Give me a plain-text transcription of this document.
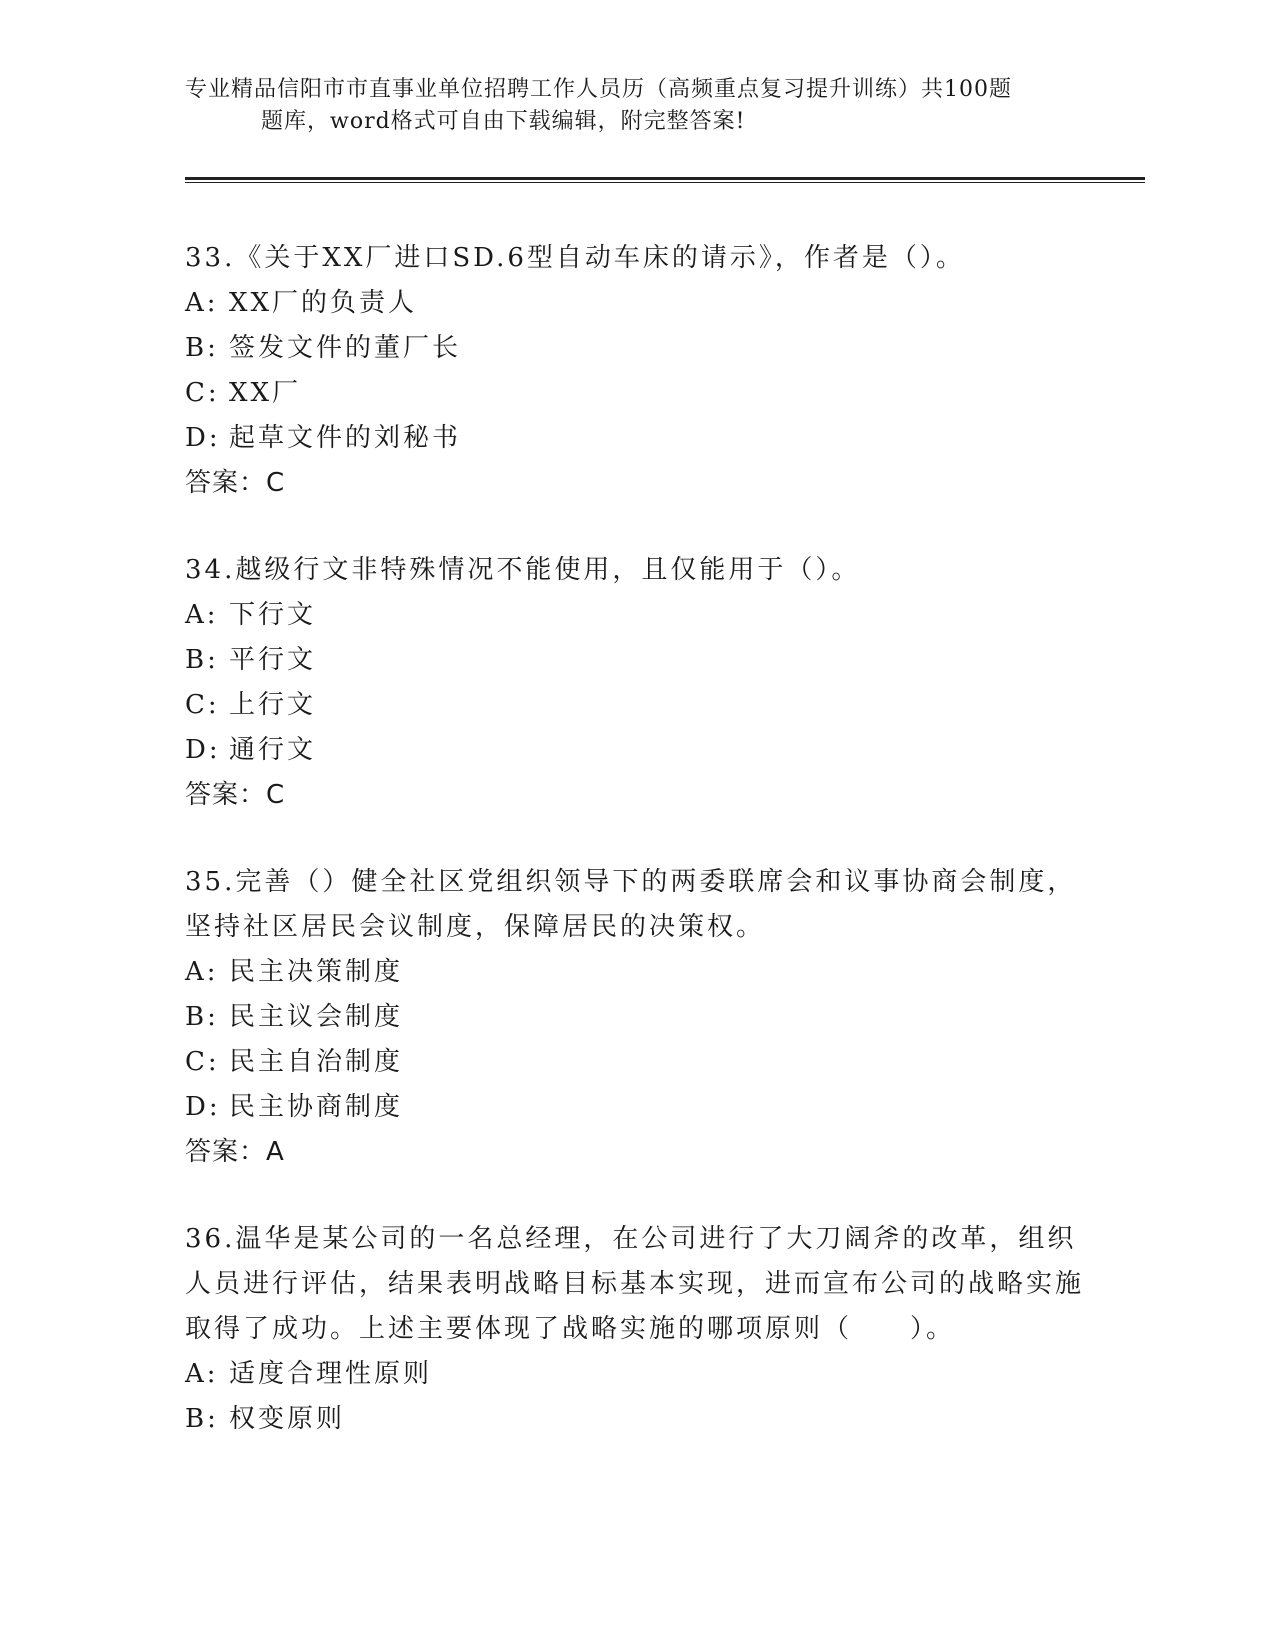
专业精品信阳市市直事业单位招聘工作人员历（高频重点复习提升训练）共100题
题库，word格式可自由下载编辑，附完整答案!

33.《关于XX厂进口SD.6型自动车床的请示》，作者是（）。

A: XX厂的负责人

B: 签发文件的董厂长

C: XX厂

D: 起草文件的刘秘书

答案：C

34.越级行文非特殊情况不能使用，且仅能用于（）。

A: 下行文

B: 平行文

C: 上行文

D: 通行文

答案：C

35.完善（）健全社区党组织领导下的两委联席会和议事协商会制度，坚持社区居民会议制度，保障居民的决策权。

A: 民主决策制度

B: 民主议会制度

C: 民主自治制度

D: 民主协商制度

答案：A

36.温华是某公司的一名总经理，在公司进行了大刀阔斧的改革，组织人员进行评估，结果表明战略目标基本实现，进而宣布公司的战略实施取得了成功。上述主要体现了战略实施的哪项原则（　　）。

A: 适度合理性原则

B: 权变原则
